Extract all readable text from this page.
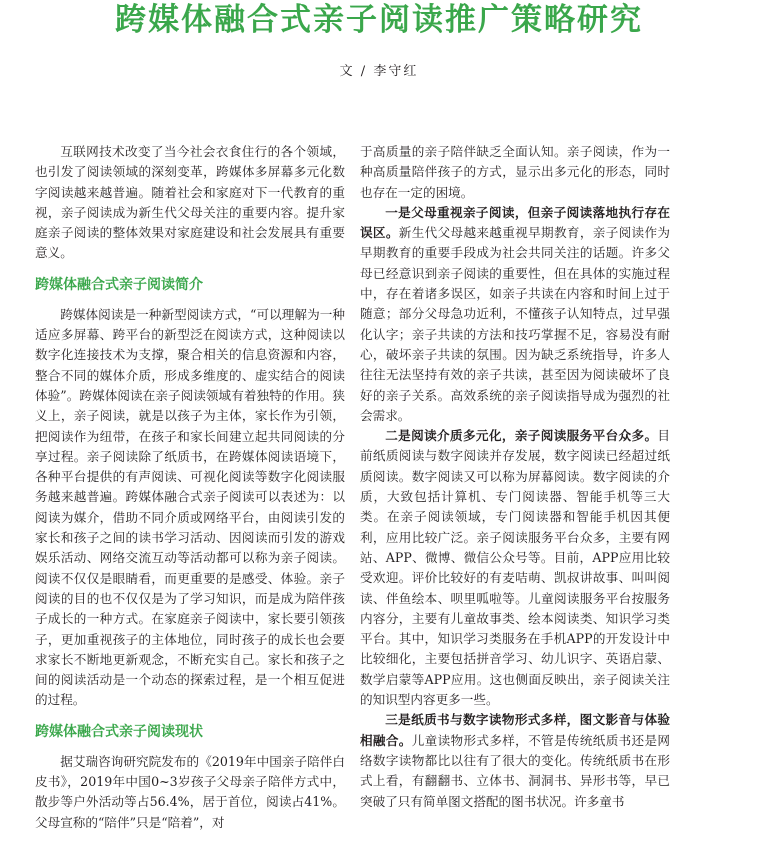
跨媒体融合式亲子阅读推广策略研究
文 / 李守红

互联网技术改变了当今社会衣食住行的各个领域，也引发了阅读领域的深刻变革，跨媒体多屏幕多元化数字阅读越来越普遍。随着社会和家庭对下一代教育的重视，亲子阅读成为新生代父母关注的重要内容。提升家庭亲子阅读的整体效果对家庭建设和社会发展具有重要意义。

跨媒体融合式亲子阅读简介

跨媒体阅读是一种新型阅读方式，“可以理解为一种适应多屏幕、跨平台的新型泛在阅读方式，这种阅读以数字化连接技术为支撑，聚合相关的信息资源和内容，整合不同的媒体介质，形成多维度的、虚实结合的阅读体验”。跨媒体阅读在亲子阅读领域有着独特的作用。狭义上，亲子阅读，就是以孩子为主体，家长作为引领，把阅读作为纽带，在孩子和家长间建立起共同阅读的分享过程。亲子阅读除了纸质书，在跨媒体阅读语境下，各种平台提供的有声阅读、可视化阅读等数字化阅读服务越来越普遍。跨媒体融合式亲子阅读可以表述为：以阅读为媒介，借助不同介质或网络平台，由阅读引发的家长和孩子之间的读书学习活动、因阅读而引发的游戏娱乐活动、网络交流互动等活动都可以称为亲子阅读。阅读不仅仅是眼睛看，而更重要的是感受、体验。亲子阅读的目的也不仅仅是为了学习知识，而是成为陪伴孩子成长的一种方式。在家庭亲子阅读中，家长要引领孩子，更加重视孩子的主体地位，同时孩子的成长也会要求家长不断地更新观念，不断充实自己。家长和孩子之间的阅读活动是一个动态的探索过程，是一个相互促进的过程。

跨媒体融合式亲子阅读现状

据艾瑞咨询研究院发布的《2019年中国亲子陪伴白皮书》，2019年中国0~3岁孩子父母亲子陪伴方式中，散步等户外活动等占56.4%，居于首位，阅读占41%。父母宣称的“陪伴”只是“陪着”，对

于高质量的亲子陪伴缺乏全面认知。亲子阅读，作为一种高质量陪伴孩子的方式，显示出多元化的形态，同时也存在一定的困境。

一是父母重视亲子阅读，但亲子阅读落地执行存在误区。新生代父母越来越重视早期教育，亲子阅读作为早期教育的重要手段成为社会共同关注的话题。许多父母已经意识到亲子阅读的重要性，但在具体的实施过程中，存在着诸多误区，如亲子共读在内容和时间上过于随意；部分父母急功近利，不懂孩子认知特点，过早强化认字；亲子共读的方法和技巧掌握不足，容易没有耐心，破坏亲子共读的氛围。因为缺乏系统指导，许多人往往无法坚持有效的亲子共读，甚至因为阅读破坏了良好的亲子关系。高效系统的亲子阅读指导成为强烈的社会需求。

二是阅读介质多元化，亲子阅读服务平台众多。目前纸质阅读与数字阅读并存发展，数字阅读已经超过纸质阅读。数字阅读又可以称为屏幕阅读。数字阅读的介质，大致包括计算机、专门阅读器、智能手机等三大类。在亲子阅读领域，专门阅读器和智能手机因其便利，应用比较广泛。亲子阅读服务平台众多，主要有网站、APP、微博、微信公众号等。目前，APP应用比较受欢迎。评价比较好的有麦咭萌、凯叔讲故事、叫叫阅读、伴鱼绘本、呗里呱啦等。儿童阅读服务平台按服务内容分，主要有儿童故事类、绘本阅读类、知识学习类平台。其中，知识学习类服务在手机APP的开发设计中比较细化，主要包括拼音学习、幼儿识字、英语启蒙、数学启蒙等APP应用。这也侧面反映出，亲子阅读关注的知识型内容更多一些。

三是纸质书与数字读物形式多样，图文影音与体验相融合。儿童读物形式多样，不管是传统纸质书还是网络数字读物都比以往有了很大的变化。传统纸质书在形式上看，有翻翻书、立体书、洞洞书、异形书等，早已突破了只有简单图文搭配的图书状况。许多童书
